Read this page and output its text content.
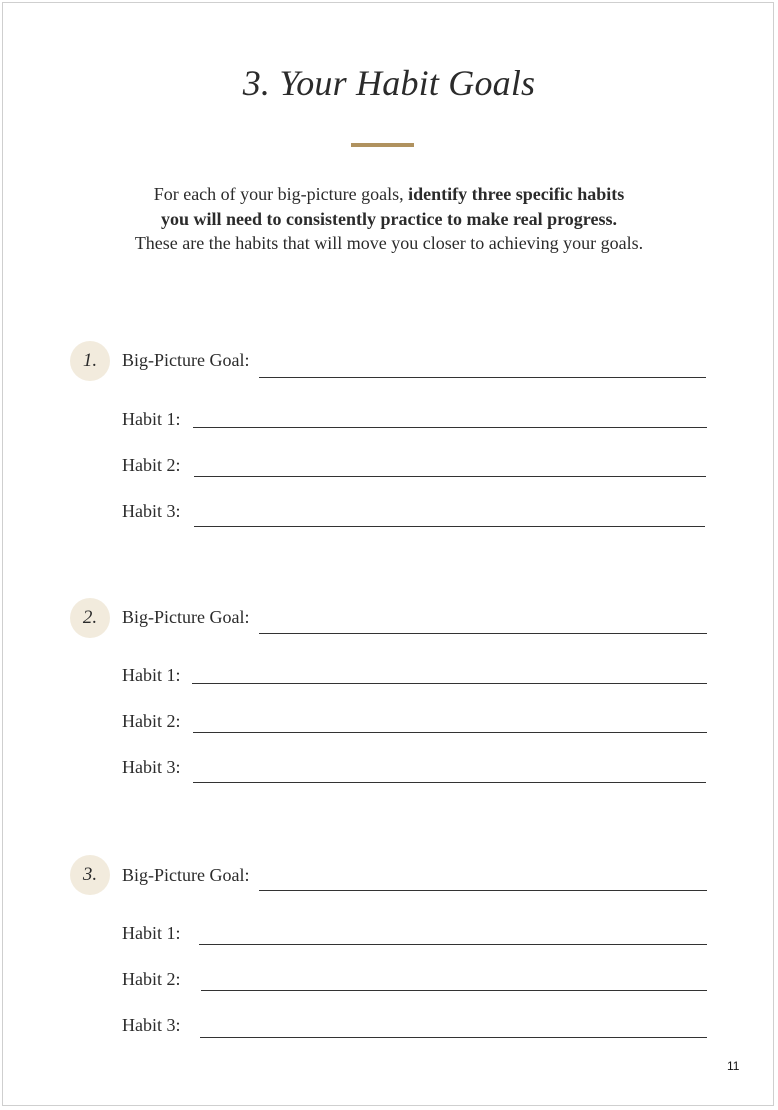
3. Your Habit Goals
For each of your big-picture goals, identify three specific habits
you will need to consistently practice to make real progress.
These are the habits that will move you closer to achieving your goals.
1.	Big-Picture Goal:
Habit 1:
Habit 2:
Habit 3:
2.	Big-Picture Goal:
Habit 1:
Habit 2:
Habit 3:
3.	Big-Picture Goal:
Habit 1:
Habit 2:
Habit 3:
11
